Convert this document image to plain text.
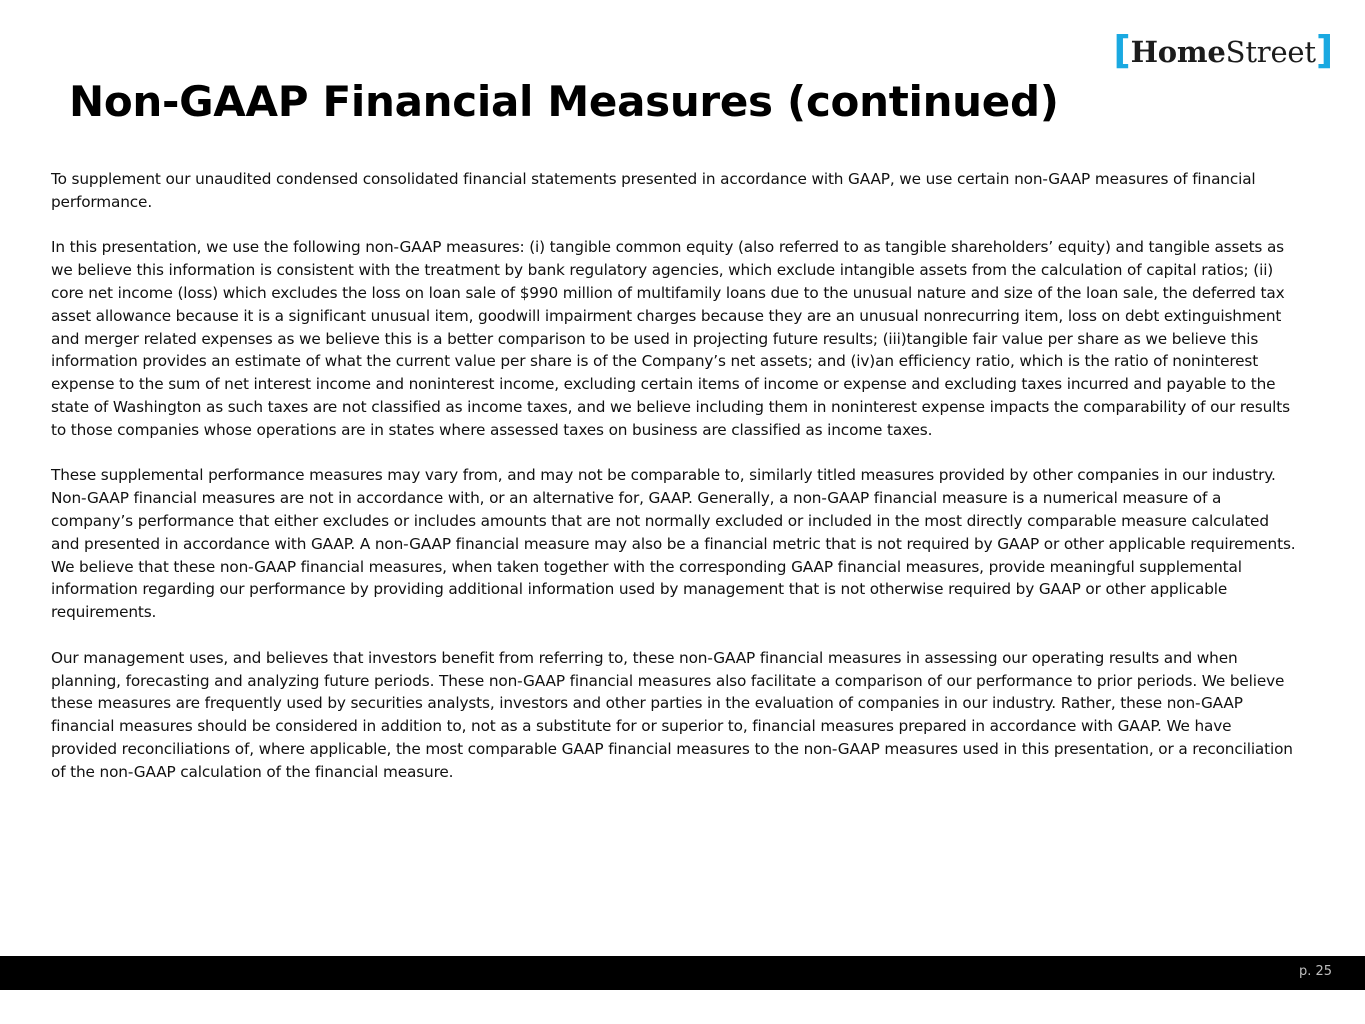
[ Home Street ]
Non-GAAP Financial Measures (continued)

To supplement our unaudited condensed consolidated financial statements presented in accordance with GAAP, we use certain non-GAAP measures of financial performance.

In this presentation, we use the following non-GAAP measures: (i) tangible common equity (also referred to as tangible shareholders’ equity) and tangible assets as we believe this information is consistent with the treatment by bank regulatory agencies, which exclude intangible assets from the calculation of capital ratios; (ii) core net income (loss) which excludes the loss on loan sale of $990 million of multifamily loans due to the unusual nature and size of the loan sale, the deferred tax asset allowance because it is a significant unusual item, goodwill impairment charges because they are an unusual nonrecurring item, loss on debt extinguishment and merger related expenses as we believe this is a better comparison to be used in projecting future results; (iii)tangible fair value per share as we believe this information provides an estimate of what the current value per share is of the Company’s net assets; and (iv)an efficiency ratio, which is the ratio of noninterest expense to the sum of net interest income and noninterest income, excluding certain items of income or expense and excluding taxes incurred and payable to the state of Washington as such taxes are not classified as income taxes, and we believe including them in noninterest expense impacts the comparability of our results to those companies whose operations are in states where assessed taxes on business are classified as income taxes.

These supplemental performance measures may vary from, and may not be comparable to, similarly titled measures provided by other companies in our industry. Non-GAAP financial measures are not in accordance with, or an alternative for, GAAP. Generally, a non-GAAP financial measure is a numerical measure of a company’s performance that either excludes or includes amounts that are not normally excluded or included in the most directly comparable measure calculated and presented in accordance with GAAP. A non-GAAP financial measure may also be a financial metric that is not required by GAAP or other applicable requirements. We believe that these non-GAAP financial measures, when taken together with the corresponding GAAP financial measures, provide meaningful supplemental information regarding our performance by providing additional information used by management that is not otherwise required by GAAP or other applicable requirements.

Our management uses, and believes that investors benefit from referring to, these non-GAAP financial measures in assessing our operating results and when planning, forecasting and analyzing future periods. These non-GAAP financial measures also facilitate a comparison of our performance to prior periods. We believe these measures are frequently used by securities analysts, investors and other parties in the evaluation of companies in our industry. Rather, these non-GAAP financial measures should be considered in addition to, not as a substitute for or superior to, financial measures prepared in accordance with GAAP. We have provided reconciliations of, where applicable, the most comparable GAAP financial measures to the non-GAAP measures used in this presentation, or a reconciliation of the non-GAAP calculation of the financial measure.

p. 25
